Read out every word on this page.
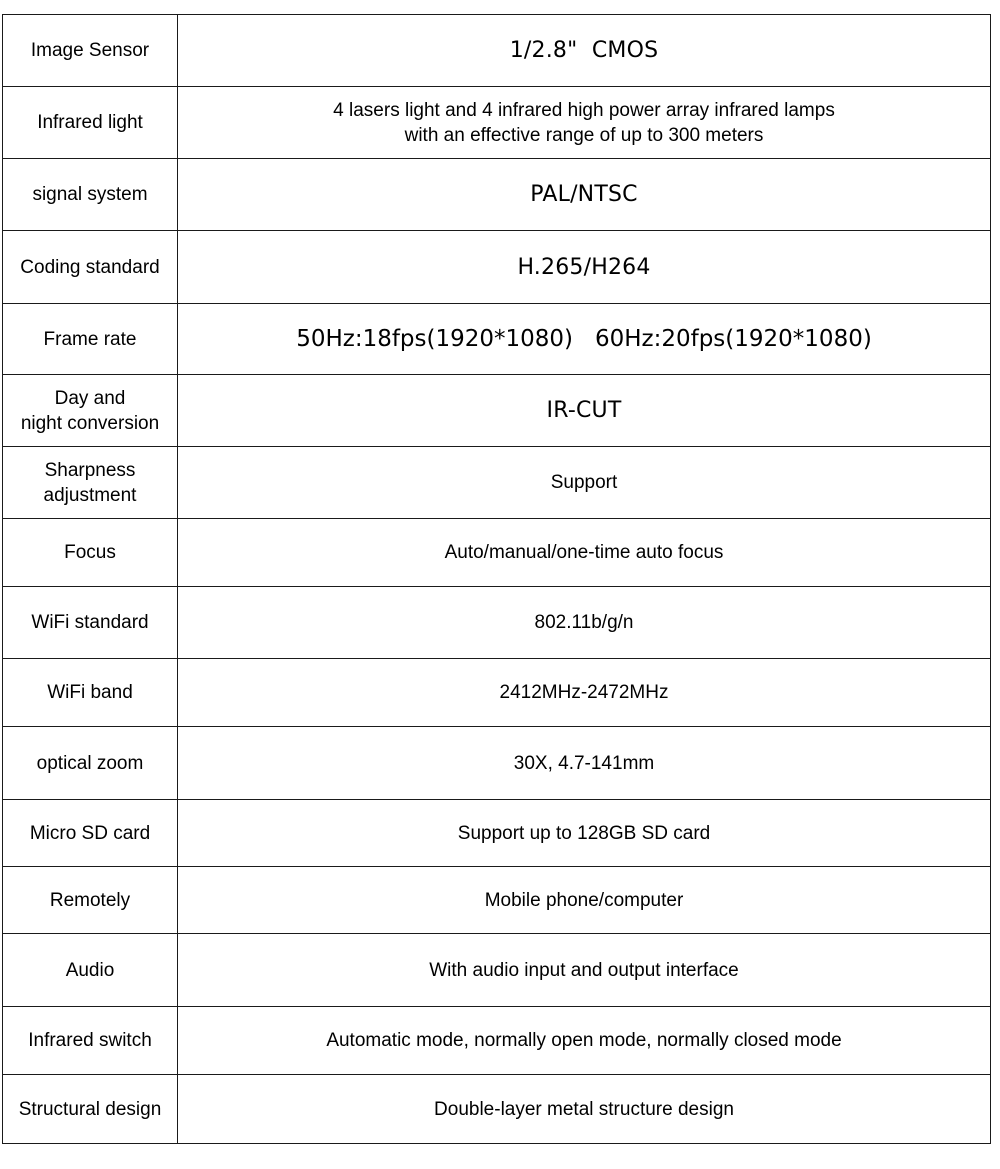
Image Sensor	1/2.8"  CMOS
Infrared light	4 lasers light and 4 infrared high power array infrared lamps
with an effective range of up to 300 meters
signal system	PAL/NTSC
Coding standard	H.265/H264
Frame rate	50Hz:18fps(1920*1080)   60Hz:20fps(1920*1080)
Day and
night conversion	IR-CUT
Sharpness
adjustment	Support
Focus	Auto/manual/one-time auto focus
WiFi standard	802.11b/g/n
WiFi band	2412MHz-2472MHz
optical zoom	30X, 4.7-141mm
Micro SD card	Support up to 128GB SD card
Remotely	Mobile phone/computer
Audio	With audio input and output interface
Infrared switch	Automatic mode, normally open mode, normally closed mode
Structural design	Double-layer metal structure design
